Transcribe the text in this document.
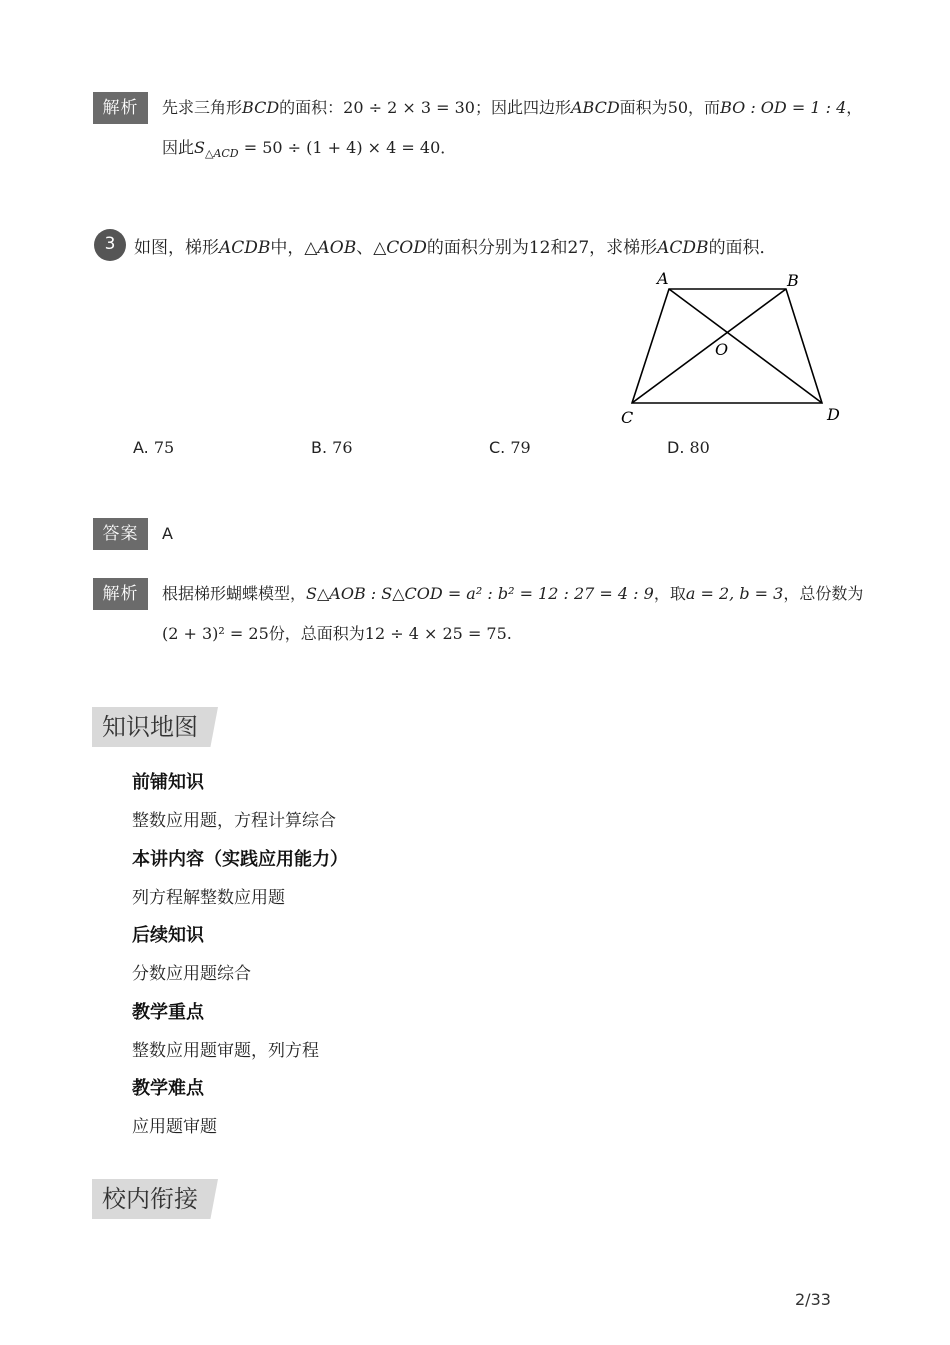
解析	先求三角形BCD的面积：20 ÷ 2 × 3 = 30；因此四边形ABCD面积为50，而BO : OD = 1 : 4，
因此$S_{\triangle ACD} = 50 \div (1 + 4) \times 4 = 40$．
3	如图，梯形ACDB中，△AOB、△COD的面积分别为12和27，求梯形ACDB的面积．
A	B
C	D
O
A. 75	B. 76	C. 79	D. 80
答案	A
解析	根据梯形蝴蝶模型，S△AOB : S△COD = a² : b² = 12 : 27 = 4 : 9，取a = 2, b = 3，总份数为
(2 + 3)² = 25份，总面积为12 ÷ 4 × 25 = 75.
知识地图
前铺知识
整数应用题，方程计算综合
本讲内容（实践应用能力）
列方程解整数应用题
后续知识
分数应用题综合
教学重点
整数应用题审题，列方程
教学难点
应用题审题
校内衔接
2/33
